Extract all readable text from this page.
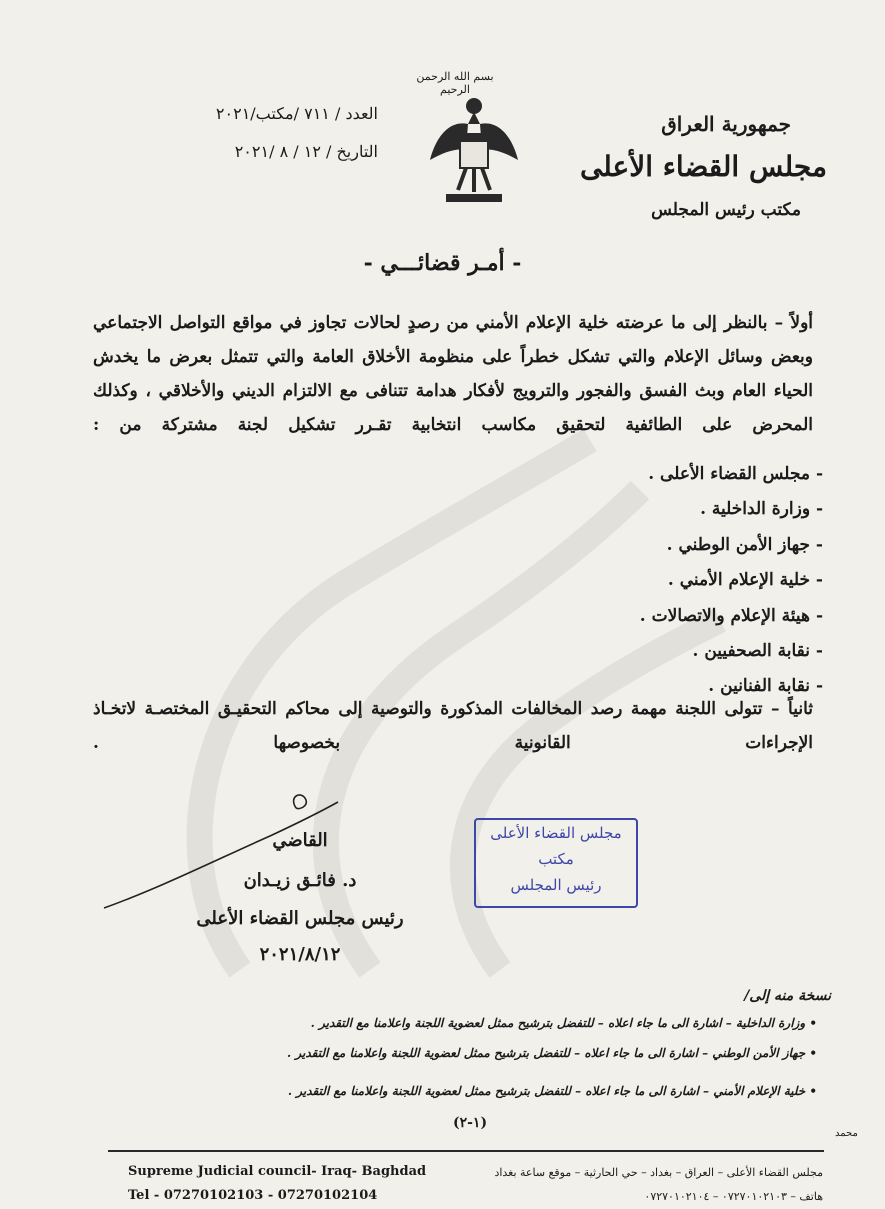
بسم الله الرحمن الرحيم
العدد / ٧١١ /مكتب/٢٠٢١
التاريخ / ١٢ / ٨ /٢٠٢١
جمهورية العراق
مجلس القضاء الأعلى
مكتب رئيس المجلس
- أمـر قضائـــي -
أولاً – بالنظر إلى ما عرضته خلية الإعلام الأمني من رصدٍ لحالات تجاوز في مواقع التواصل الاجتماعي وبعض وسائل الإعلام والتي تشكل خطراً على منظومة الأخلاق العامة والتي تتمثل بعرض ما يخدش الحياء العام وبث الفسق والفجور والترويج لأفكار هدامة تتنافى مع الالتزام الديني والأخلاقي ، وكذلك المحرض على الطائفية لتحقيق مكاسب انتخابية تقـرر تشكيل لجنة مشتركة من :
- مجلس القضاء الأعلى .
- وزارة الداخلية .
- جهاز الأمن الوطني .
- خلية الإعلام الأمني .
- هيئة الإعلام والاتصالات .
- نقابة الصحفيين .
- نقابة الفنانين .
ثانياً – تتولى اللجنة مهمة رصد المخالفات المذكورة والتوصية إلى محاكم التحقيـق المختصـة لاتخـاذ الإجراءات القانونية بخصوصها .
القاضي
د. فائـق زيـدان
رئيس مجلس القضاء الأعلى
٢٠٢١/٨/١٢
مجلس القضاء الأعلى
مكتب
رئيس المجلس
نسخة منه إلى/
• وزارة الداخلية – اشارة الى ما جاء اعلاه – للتفضل بترشيح ممثل لعضوية اللجنة واعلامنا مع التقدير .
• جهاز الأمن الوطني – اشارة الى ما جاء اعلاه – للتفضل بترشيح ممثل لعضوية اللجنة واعلامنا مع التقدير .
• خلية الإعلام الأمني – اشارة الى ما جاء اعلاه – للتفضل بترشيح ممثل لعضوية اللجنة واعلامنا مع التقدير .
(١-٢)
محمد
Supreme Judicial council- Iraq- Baghdad
Tel - 07270102103 - 07270102104
مجلس القضاء الأعلى – العراق – بغداد – حي الحارثية – موقع ساعة بغداد
هاتف – ٠٧٢٧٠١٠٢١٠٣ – ٠٧٢٧٠١٠٢١٠٤
